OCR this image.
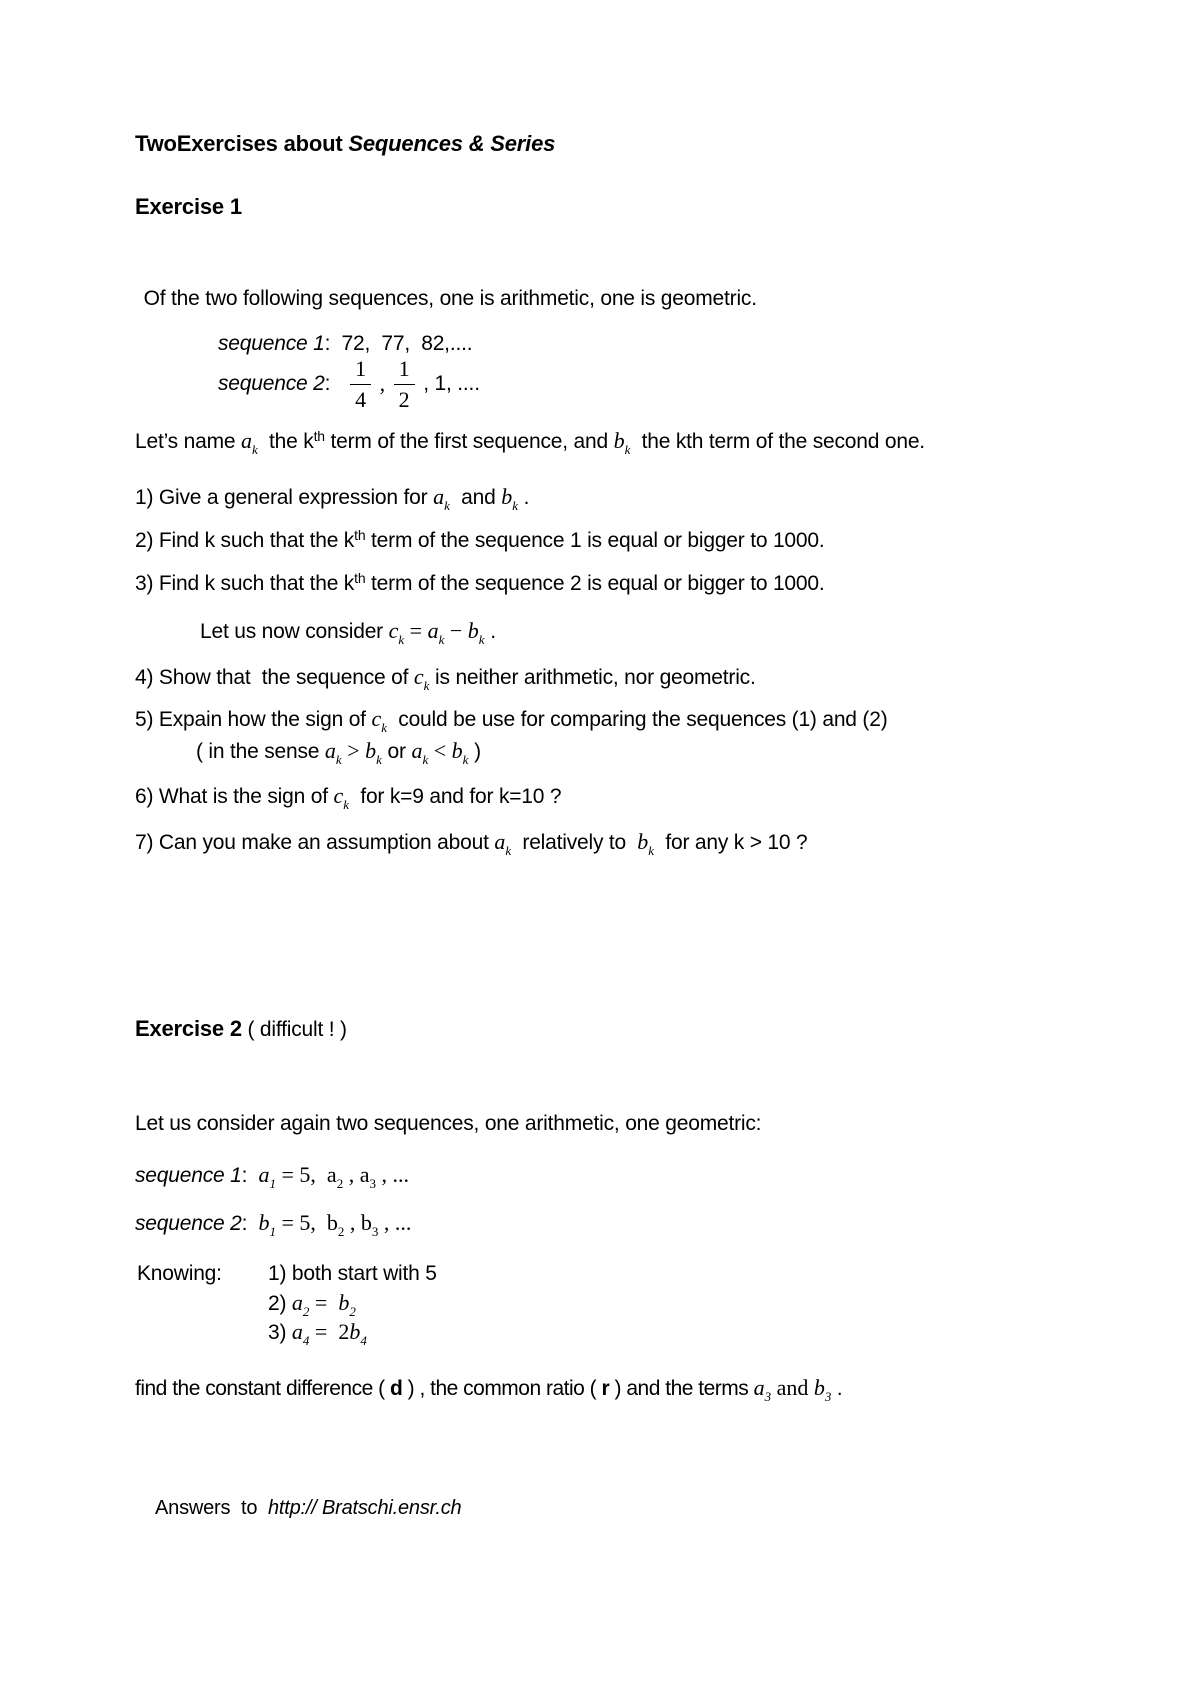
TwoExercises about Sequences & Series
Exercise 1
Of the two following sequences, one is arithmetic, one is geometric.
sequence 1:  72,  77,  82,....
sequence 2 : $\frac{1}{4}$ , $\frac{1}{2}$ , 1, ....
Let’s name $a_k$  the $k^{th}$ term of the first sequence, and $b_k$  the kth term of the second one.
1) Give a general expression for $a_k$  and $b_k$ .
2) Find k such that the $k^{th}$ term of the sequence 1 is equal or bigger to 1000.
3) Find k such that the $k^{th}$ term of the sequence 2 is equal or bigger to 1000.
Let us now consider $c_k = a_k - b_k$ .
4) Show that  the sequence of $c_k$ is neither arithmetic, nor geometric.
5) Expain how the sign of $c_k$  could be use for comparing the sequences (1) and (2)
( in the sense $a_k > b_k$ or $a_k < b_k$ )
6) What is the sign of $c_k$  for k=9 and for k=10 ?
7) Can you make an assumption about $a_k$  relatively to  $b_k$  for any k > 10 ?
Exercise 2 ( difficult ! )
Let us consider again two sequences, one arithmetic, one geometric:
sequence 1:  $a_1 = 5$,  $a_2$ , $a_3$ , ...
sequence 2:  $b_1 = 5$,  $b_2$ , $b_3$ , ...
Knowing: 1) both start with 5
2) $a_2 = b_2$
3) $a_4 = 2b_4$
find the constant difference ( d ) , the common ratio ( r ) and the terms $a_3$ and $b_3$ .
Answers  to  http:// Bratschi.ensr.ch
